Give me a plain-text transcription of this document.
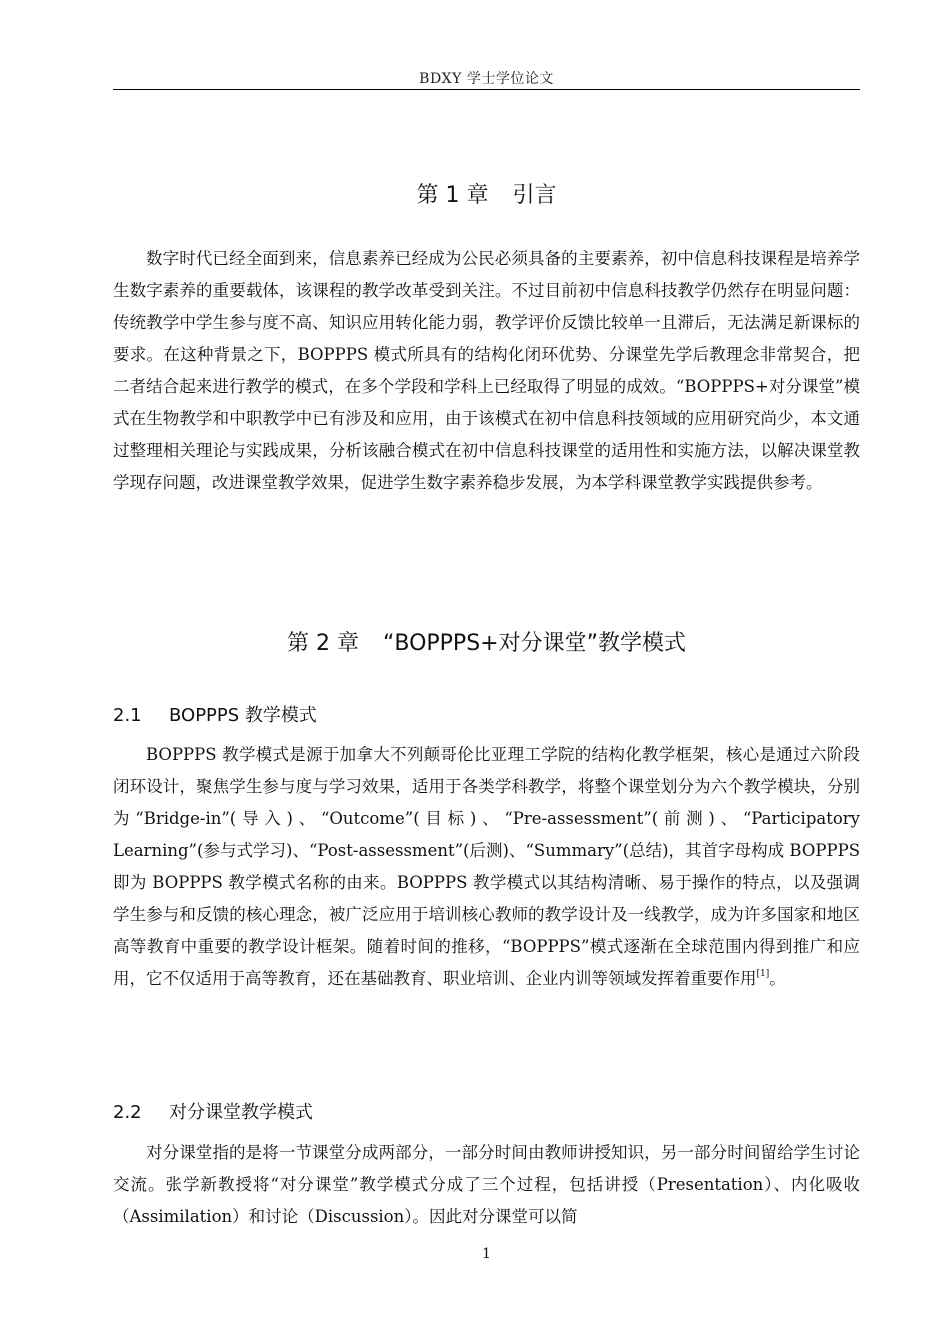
BDXY 学士学位论文
第 1 章 引言

数字时代已经全面到来，信息素养已经成为公民必须具备的主要素养，初中信息科技课程是培养学生数字素养的重要载体，该课程的教学改革受到关注。不过目前初中信息科技教学仍然存在明显问题：传统教学中学生参与度不高、知识应用转化能力弱，教学评价反馈比较单一且滞后，无法满足新课标的要求。在这种背景之下，BOPPPS 模式所具有的结构化闭环优势、分课堂先学后教理念非常契合，把二者结合起来进行教学的模式，在多个学段和学科上已经取得了明显的成效。“BOPPPS+对分课堂”模式在生物教学和中职教学中已有涉及和应用，由于该模式在初中信息科技领域的应用研究尚少，本文通过整理相关理论与实践成果，分析该融合模式在初中信息科技课堂的适用性和实施方法，以解决课堂教学现存问题，改进课堂教学效果，促进学生数字素养稳步发展，为本学科课堂教学实践提供参考。

第 2 章 “BOPPPS+对分课堂”教学模式
2.1 BOPPPS 教学模式

BOPPPS 教学模式是源于加拿大不列颠哥伦比亚理工学院的结构化教学框架，核心是通过六阶段闭环设计，聚焦学生参与度与学习效果，适用于各类学科教学，将整个课堂划分为六个教学模块，分别为“Bridge-in”(导入)、“Outcome”(目标)、“Pre-assessment”(前测)、“Participatory Learning”(参与式学习)、“Post-assessment”(后测)、“Summary”(总结)，其首字母构成 BOPPPS 即为 BOPPPS 教学模式名称的由来。BOPPPS 教学模式以其结构清晰、易于操作的特点，以及强调学生参与和反馈的核心理念，被广泛应用于培训核心教师的教学设计及一线教学，成为许多国家和地区高等教育中重要的教学设计框架。随着时间的推移，“BOPPPS”模式逐渐在全球范围内得到推广和应用，它不仅适用于高等教育，还在基础教育、职业培训、企业内训等领域发挥着重要作用[1]。

2.2 对分课堂教学模式

对分课堂指的是将一节课堂分成两部分，一部分时间由教师讲授知识，另一部分时间留给学生讨论交流。张学新教授将“对分课堂”教学模式分成了三个过程，包括讲授（Presentation）、内化吸收（Assimilation）和讨论（Discussion）。因此对分课堂可以简

1
